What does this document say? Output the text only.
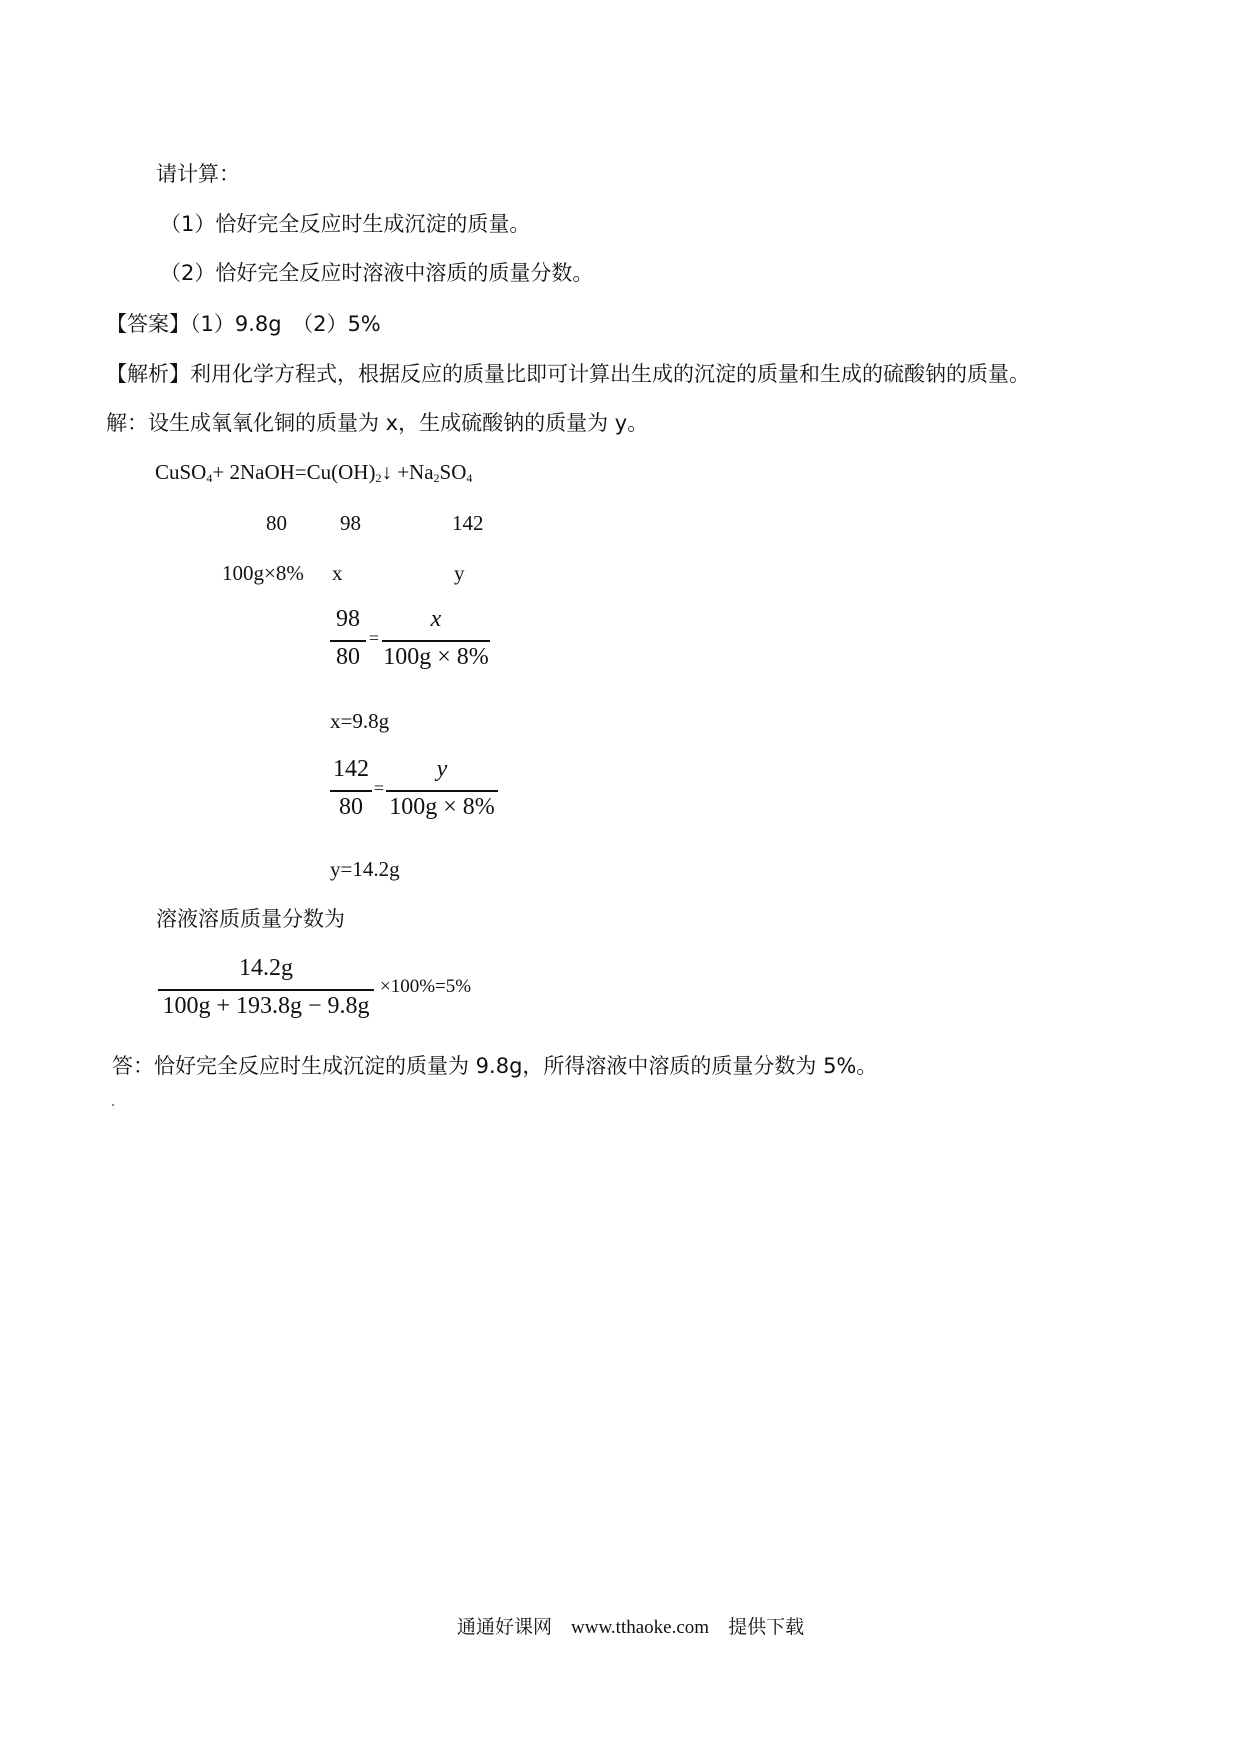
请计算：
（1）恰好完全反应时生成沉淀的质量。
（2）恰好完全反应时溶液中溶质的质量分数。
【答案】（1）9.8g　（2）5%
【解析】利用化学方程式，根据反应的质量比即可计算出生成的沉淀的质量和生成的硫酸钠的质量。
解：设生成氧氧化铜的质量为 x，生成硫酸钠的质量为 y。
CuSO$_4$+ $2NaOH=Cu(OH)_2↓ +Na_2SO_4$
80	98	142
100g×8% x	y
98
80
=
x
100g × 8%
x=9.8g
142
80
=
y
100g × 8%
y=14.2g
溶液溶质质量分数为
14.2g
100g + 193.8g − 9.8g
×100%=5%
答：恰好完全反应时生成沉淀的质量为 9.8g，所得溶液中溶质的质量分数为 5%。
通通好课网　www.tthaoke.com　提供下载
